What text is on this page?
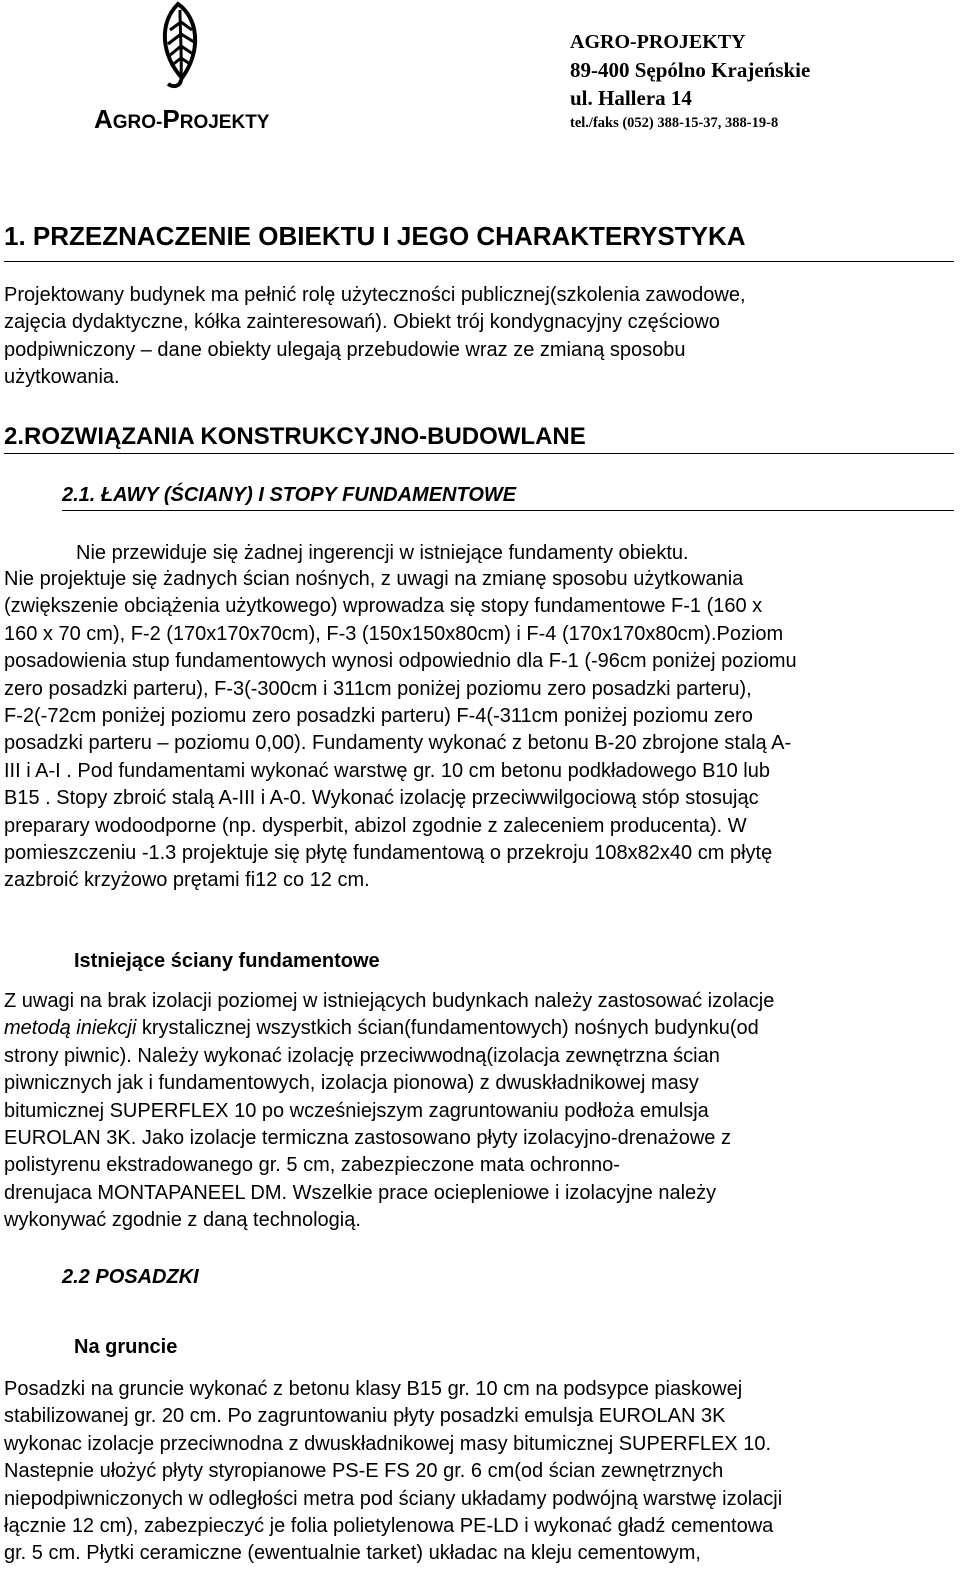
AGRO-PROJEKTY
AGRO-PROJEKTY
89-400 Sępólno Krajeńskie
ul. Hallera 14
tel./faks (052) 388-15-37, 388-19-8
1. PRZEZNACZENIE OBIEKTU I JEGO CHARAKTERYSTYKA
Projektowany budynek ma pełnić rolę użyteczności publicznej(szkolenia zawodowe,
zajęcia dydaktyczne, kółka zainteresowań). Obiekt trój kondygnacyjny częściowo
podpiwniczony – dane obiekty ulegają przebudowie wraz ze zmianą sposobu
użytkowania.
2.ROZWIĄZANIA KONSTRUKCYJNO-BUDOWLANE
2.1. ŁAWY (ŚCIANY) I STOPY FUNDAMENTOWE
Nie przewiduje się żadnej ingerencji w istniejące fundamenty obiektu.
Nie projektuje się żadnych ścian nośnych, z uwagi na zmianę sposobu użytkowania
(zwiększenie obciążenia użytkowego) wprowadza się stopy fundamentowe F-1 (160 x
160 x 70 cm), F-2 (170x170x70cm), F-3 (150x150x80cm) i F-4 (170x170x80cm).Poziom
posadowienia stup fundamentowych wynosi odpowiednio dla F-1 (-96cm poniżej poziomu
zero posadzki parteru), F-3(-300cm i 311cm poniżej poziomu zero posadzki parteru),
F-2(-72cm poniżej poziomu zero posadzki parteru) F-4(-311cm poniżej poziomu zero
posadzki parteru – poziomu 0,00). Fundamenty wykonać z betonu B-20 zbrojone stalą A-
III i A-I . Pod fundamentami wykonać warstwę gr. 10 cm betonu podkładowego B10 lub
B15 . Stopy zbroić stalą A-III i A-0. Wykonać izolację przeciwwilgociową stóp stosując
preparary wodoodporne (np. dysperbit, abizol zgodnie z zaleceniem producenta). W
pomieszczeniu -1.3 projektuje się płytę fundamentową o przekroju 108x82x40 cm płytę
zazbroić krzyżowo prętami fi12 co 12 cm.
Istniejące ściany fundamentowe
Z uwagi na brak izolacji poziomej w istniejących budynkach należy zastosować izolacje
metodą iniekcji krystalicznej wszystkich ścian(fundamentowych) nośnych budynku(od
strony piwnic). Należy wykonać izolację przeciwwodną(izolacja zewnętrzna ścian
piwnicznych jak i fundamentowych, izolacja pionowa) z dwuskładnikowej masy
bitumicznej SUPERFLEX 10 po wcześniejszym zagruntowaniu podłoża emulsja
EUROLAN 3K. Jako izolacje termiczna zastosowano płyty izolacyjno-drenażowe z
polistyrenu ekstradowanego gr. 5 cm, zabezpieczone mata ochronno-
drenujaca MONTAPANEEL DM. Wszelkie prace ociepleniowe i izolacyjne należy
wykonywać zgodnie z daną technologią.
2.2 POSADZKI
Na gruncie
Posadzki na gruncie wykonać z betonu klasy B15 gr. 10 cm na podsypce piaskowej
stabilizowanej gr. 20 cm. Po zagruntowaniu płyty posadzki emulsja EUROLAN 3K
wykonac izolacje przeciwnodna z dwuskładnikowej masy bitumicznej SUPERFLEX 10.
Nastepnie ułożyć płyty styropianowe PS-E FS 20 gr. 6 cm(od ścian zewnętrznych
niepodpiwniczonych w odległości metra pod ściany układamy podwójną warstwę izolacji
łącznie 12 cm), zabezpieczyć je folia polietylenowa PE-LD i wykonać gładź cementowa
gr. 5 cm. Płytki ceramiczne (ewentualnie tarket) układac na kleju cementowym,
